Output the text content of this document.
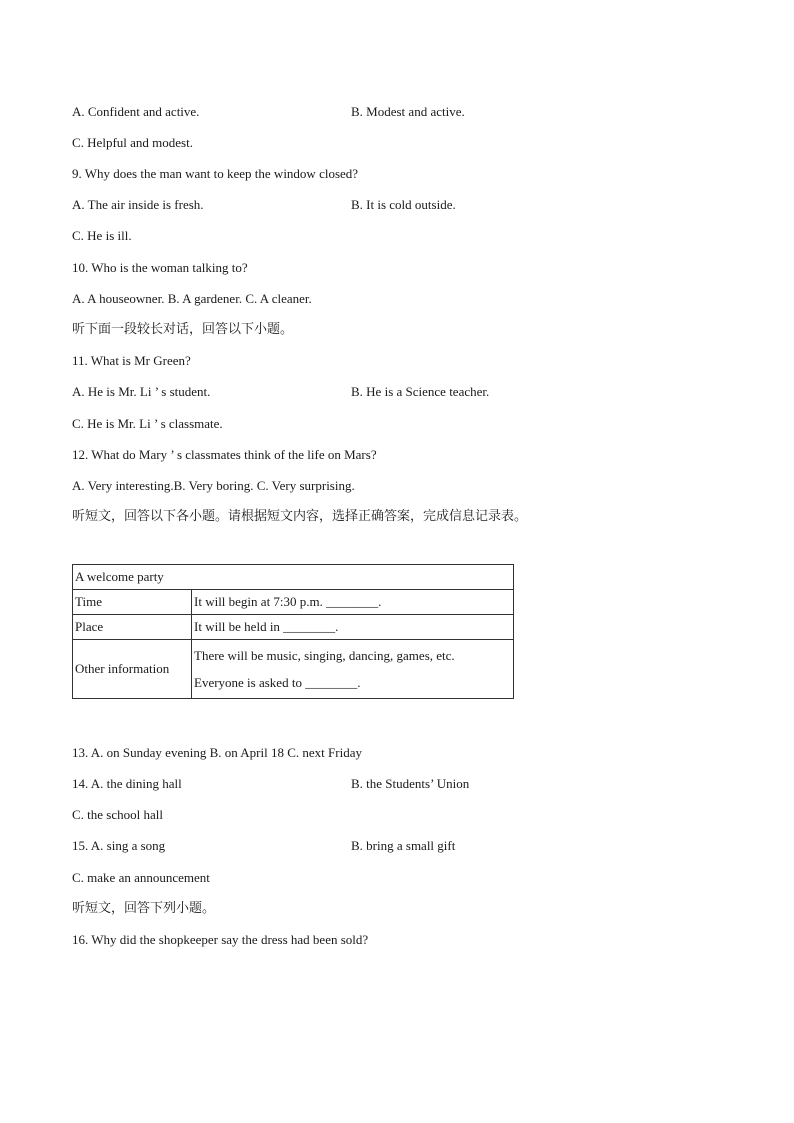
A. Confident and active.	B. Modest and active.
C. Helpful and modest.
9. Why does the man want to keep the window closed?
A. The air inside is fresh.	B. It is cold outside.
C. He is ill.
10. Who is the woman talking to?
A. A houseowner. B. A gardener. C. A cleaner.
听下面一段较长对话，回答以下小题。
11. What is Mr Green?
A. He is Mr. Li ’ s student.	B. He is a Science teacher.
C. He is Mr. Li ’ s classmate.
12. What do Mary ’ s classmates think of the life on Mars?
A. Very interesting.B. Very boring. C. Very surprising.
听短文，回答以下各小题。请根据短文内容，选择正确答案，完成信息记录表。
A welcome party	
Time	It will begin at 7:30 p.m. ________.
Place	It will be held in ________.
Other information	There will be music, singing, dancing, games, etc.
Everyone is asked to ________.
13. A. on Sunday evening B. on April 18 C. next Friday
14. A. the dining hall	B. the Students’ Union
C. the school hall
15. A. sing a song	B. bring a small gift
C. make an announcement
听短文，回答下列小题。
16. Why did the shopkeeper say the dress had been sold?
